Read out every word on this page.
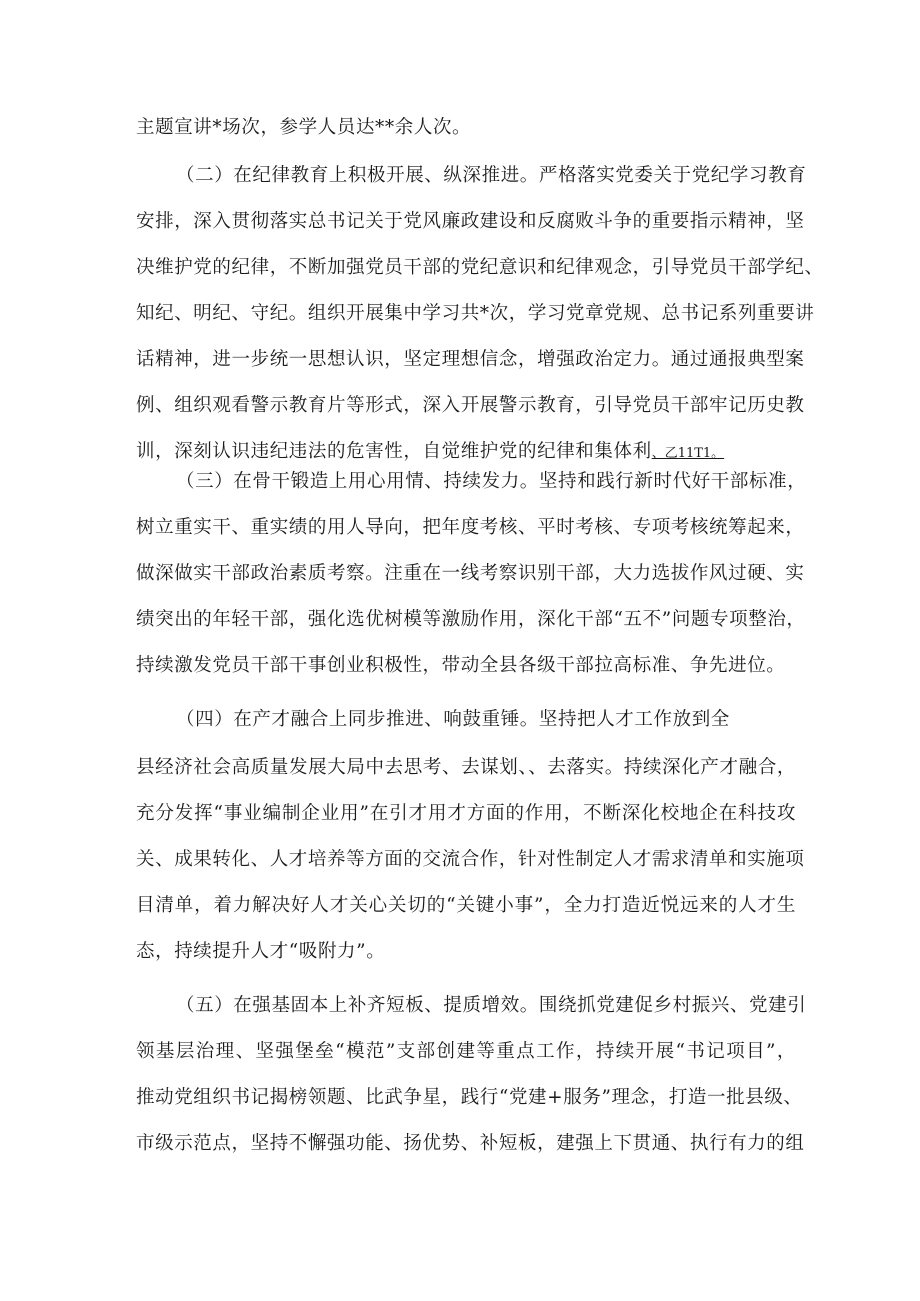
主题宣讲*场次，参学人员达**余人次。
（二）在纪律教育上积极开展、纵深推进。严格落实党委关于党纪学习教育
安排，深入贯彻落实总书记关于党风廉政建设和反腐败斗争的重要指示精神，坚
决维护党的纪律，不断加强党员干部的党纪意识和纪律观念，引导党员干部学纪、
知纪、明纪、守纪。组织开展集中学习共*次，学习党章党规、总书记系列重要讲
话精神，进一步统一思想认识，坚定理想信念，增强政治定力。通过通报典型案
例、组织观看警示教育片等形式，深入开展警示教育，引导党员干部牢记历史教
训，深刻认识违纪违法的危害性，自觉维护党的纪律和集体利、乙11T1。
（三）在骨干锻造上用心用情、持续发力。坚持和践行新时代好干部标准，
树立重实干、重实绩的用人导向，把年度考核、平时考核、专项考核统筹起来，
做深做实干部政治素质考察。注重在一线考察识别干部，大力选拔作风过硬、实
绩突出的年轻干部，强化选优树模等激励作用，深化干部“五不”问题专项整治，
持续激发党员干部干事创业积极性，带动全县各级干部拉高标准、争先进位。
（四）在产才融合上同步推进、响鼓重锤。坚持把人才工作放到全
县经济社会高质量发展大局中去思考、去谋划、、去落实。持续深化产才融合，
充分发挥“事业编制企业用”在引才用才方面的作用，不断深化校地企在科技攻
关、成果转化、人才培养等方面的交流合作，针对性制定人才需求清单和实施项
目清单，着力解决好人才关心关切的“关键小事”，全力打造近悦远来的人才生
态，持续提升人才“吸附力”。
（五）在强基固本上补齐短板、提质增效。围绕抓党建促乡村振兴、党建引
领基层治理、坚强堡垒“模范”支部创建等重点工作，持续开展“书记项目”，
推动党组织书记揭榜领题、比武争星，践行“党建+服务”理念，打造一批县级、
市级示范点，坚持不懈强功能、扬优势、补短板，建强上下贯通、执行有力的组
